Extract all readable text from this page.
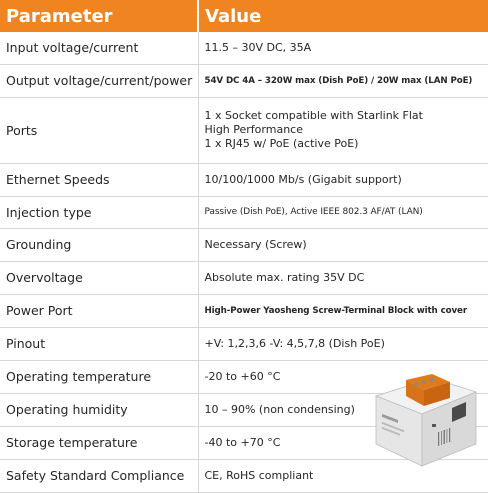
Parameter	Value
Input voltage/current	11.5 – 30V DC, 35A

Output voltage/current/power	54V DC 4A – 320W max (Dish PoE) / 20W max (LAN PoE)

Ports	1 x Socket compatible with Starlink Flat
High Performance
1 x RJ45 w/ PoE (active PoE)

Ethernet Speeds	10/100/1000 Mb/s (Gigabit support)

Injection type	Passive (Dish PoE), Active IEEE 802.3 AF/AT (LAN)

Grounding	Necessary (Screw)

Overvoltage	Absolute max. rating 35V DC

Power Port	High-Power Yaosheng Screw-Terminal Block with cover

Pinout	+V: 1,2,3,6 -V: 4,5,7,8 (Dish PoE)

Operating temperature	-20 to +60 °C

Operating humidity	10 – 90% (non condensing)

Storage temperature	-40 to +70 °C

Safety Standard Compliance	CE, RoHS compliant
